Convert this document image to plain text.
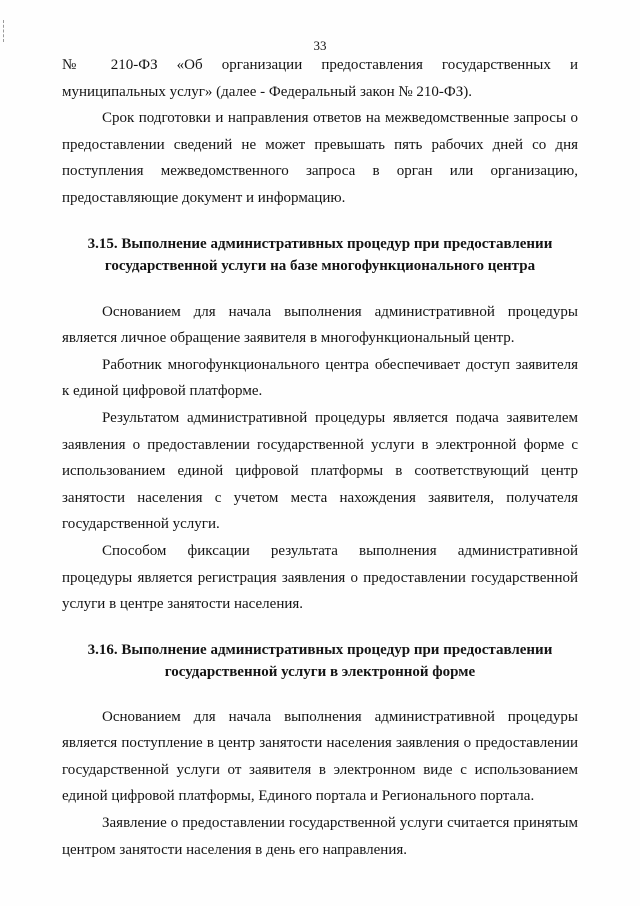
33

№ 210-ФЗ «Об организации предоставления государственных и муниципальных услуг» (далее - Федеральный закон № 210-ФЗ).

Срок подготовки и направления ответов на межведомственные запросы о предоставлении сведений не может превышать пять рабочих дней со дня поступления межведомственного запроса в орган или организацию, предоставляющие документ и информацию.

3.15. Выполнение административных процедур при предоставлении
государственной услуги на базе многофункционального центра

Основанием для начала выполнения административной процедуры является личное обращение заявителя в многофункциональный центр.

Работник многофункционального центра обеспечивает доступ заявителя к единой цифровой платформе.

Результатом административной процедуры является подача заявителем заявления о предоставлении государственной услуги в электронной форме с использованием единой цифровой платформы в соответствующий центр занятости населения с учетом места нахождения заявителя, получателя государственной услуги.

Способом фиксации результата выполнения административной процедуры является регистрация заявления о предоставлении государственной услуги в центре занятости населения.

3.16. Выполнение административных процедур при предоставлении
государственной услуги в электронной форме

Основанием для начала выполнения административной процедуры является поступление в центр занятости населения заявления о предоставлении государственной услуги от заявителя в электронном виде с использованием единой цифровой платформы, Единого портала и Регионального портала.

Заявление о предоставлении государственной услуги считается принятым центром занятости населения в день его направления.
